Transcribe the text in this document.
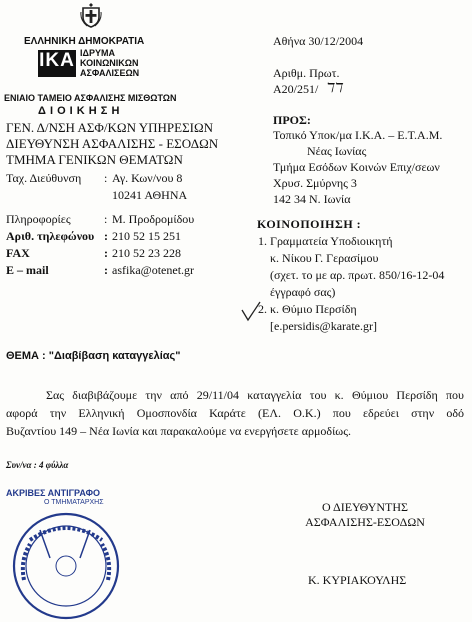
ΕΛΛΗΝΙΚΗ ΔΗΜΟΚΡΑΤΙΑ
ΙΚΑ ΙΔΡΥΜΑ
ΚΟΙΝΩΝΙΚΩΝ
ΑΣΦΑΛΙΣΕΩΝ
ΕΝΙΑΙΟ ΤΑΜΕΙΟ ΑΣΦΑΛΙΣΗΣ ΜΙΣΘΩΤΩΝ
Δ Ι Ο Ι Κ Η Σ Η
ΓΕΝ. Δ/ΝΣΗ ΑΣΦ/ΚΩΝ ΥΠΗΡΕΣΙΩΝ
ΔΙΕΥΘΥΝΣΗ ΑΣΦΑΛΙΣΗΣ - ΕΣΟΔΩΝ
ΤΜΗΜΑ ΓΕΝΙΚΩΝ ΘΕΜΑΤΩΝ
Ταχ. Διεύθυνση : Αγ. Κων/νου 8
10241 ΑΘΗΝΑ
Πληροφορίες	: Μ. Προδρομίδου
Αριθ. τηλεφώνου : 210 52 15 251
FAX	: 210 52 23 228
E – mail	: asfika@otenet.gr
Αθήνα 30/12/2004
Αριθμ. Πρωτ.
Α20/251/ ℸℸ
ΠΡΟΣ:
Τοπικό Υποκ/μα Ι.Κ.Α. – Ε.Τ.Α.Μ.
Νέας Ιωνίας
Τμήμα Εσόδων Κοινών Επιχ/σεων
Χρυσ. Σμύρνης 3
142 34 Ν. Ιωνία
ΚΟΙΝΟΠΟΙΗΣΗ :
1. Γραμματεία Υποδιοικητή
κ. Νίκου Γ. Γερασίμου
(σχετ. το με αρ. πρωτ. 850/16-12-04
έγγραφό σας)
2. κ. Θύμιο Περσίδη
[e.persidis@karate.gr]
ΘΕΜΑ : "Διαβίβαση καταγγελίας"
Σας διαβιβάζουμε την από 29/11/04 καταγγελία του κ. Θύμιου Περσίδη που
αφορά την Ελληνική Ομοσπονδία Καράτε (ΕΛ. Ο.Κ.) που εδρεύει στην οδό
Βυζαντίου 149 – Νέα Ιωνία και παρακαλούμε να ενεργήσετε αρμοδίως.
Συν/να : 4 φύλλα
ΑΚΡΙΒΕΣ ΑΝΤΙΓΡΑΦΟ
Ο ΤΜΗΜΑΤΑΡΧΗΣ	Ο ΔΙΕΥΘΥΝΤΗΣ
ΑΣΦΑΛΙΣΗΣ-ΕΣΟΔΩΝ
Κ. ΚΥΡΙΑΚΟΥΛΗΣ
